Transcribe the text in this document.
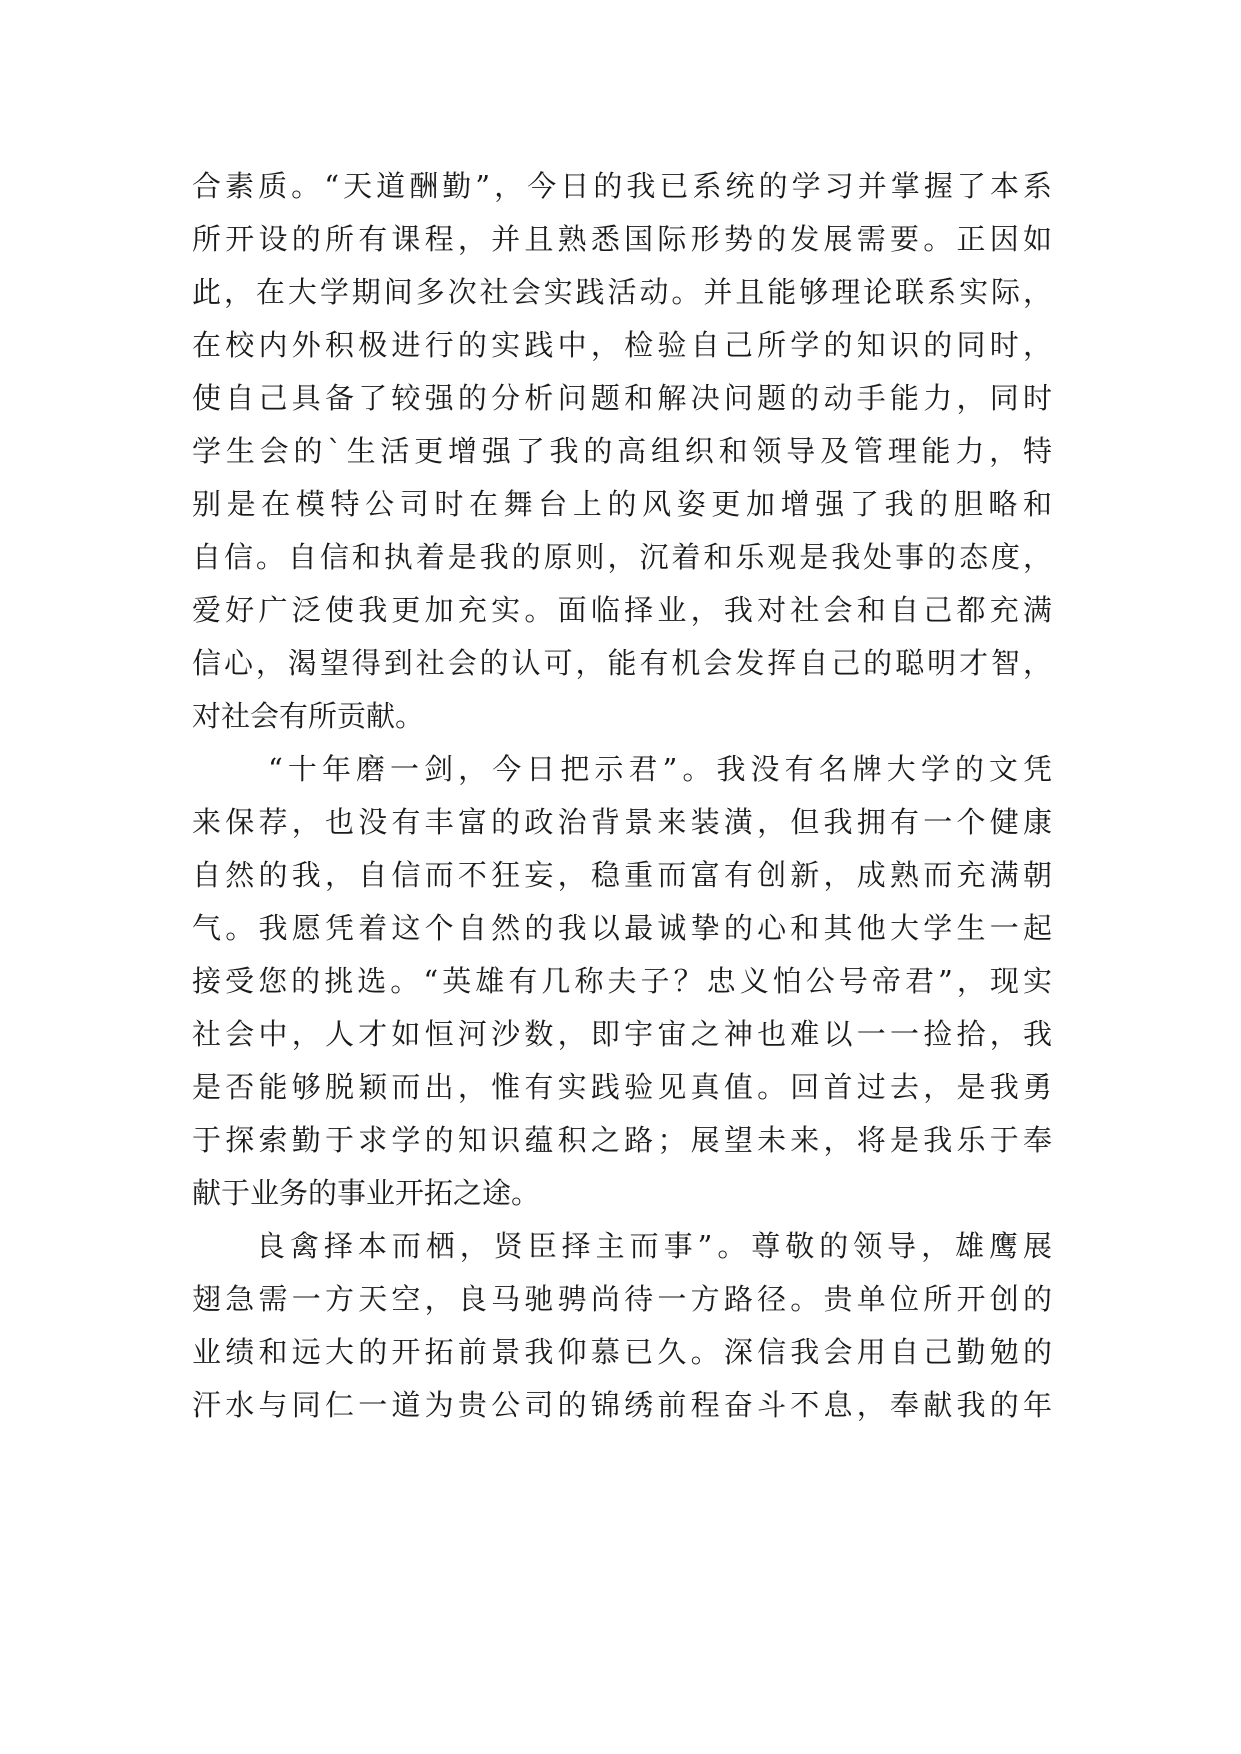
合素质。“天道酬勤”，今日的我已系统的学习并掌握了本系
所开设的所有课程，并且熟悉国际形势的发展需要。正因如
此，在大学期间多次社会实践活动。并且能够理论联系实际，
在校内外积极进行的实践中，检验自己所学的知识的同时，
使自己具备了较强的分析问题和解决问题的动手能力，同时
学生会的`生活更增强了我的高组织和领导及管理能力，特
别是在模特公司时在舞台上的风姿更加增强了我的胆略和
自信。自信和执着是我的原则，沉着和乐观是我处事的态度，
爱好广泛使我更加充实。面临择业，我对社会和自己都充满
信心，渴望得到社会的认可，能有机会发挥自己的聪明才智，
对社会有所贡献。
“十年磨一剑，今日把示君”。我没有名牌大学的文凭
来保荐，也没有丰富的政治背景来装潢，但我拥有一个健康
自然的我，自信而不狂妄，稳重而富有创新，成熟而充满朝
气。我愿凭着这个自然的我以最诚挚的心和其他大学生一起
接受您的挑选。“英雄有几称夫子？忠义怕公号帝君”，现实
社会中，人才如恒河沙数，即宇宙之神也难以一一捡拾，我
是否能够脱颖而出，惟有实践验见真值。回首过去，是我勇
于探索勤于求学的知识蕴积之路；展望未来，将是我乐于奉
献于业务的事业开拓之途。
良禽择本而栖，贤臣择主而事”。尊敬的领导，雄鹰展
翅急需一方天空，良马驰骋尚待一方路径。贵单位所开创的
业绩和远大的开拓前景我仰慕已久。深信我会用自己勤勉的
汗水与同仁一道为贵公司的锦绣前程奋斗不息，奉献我的年
